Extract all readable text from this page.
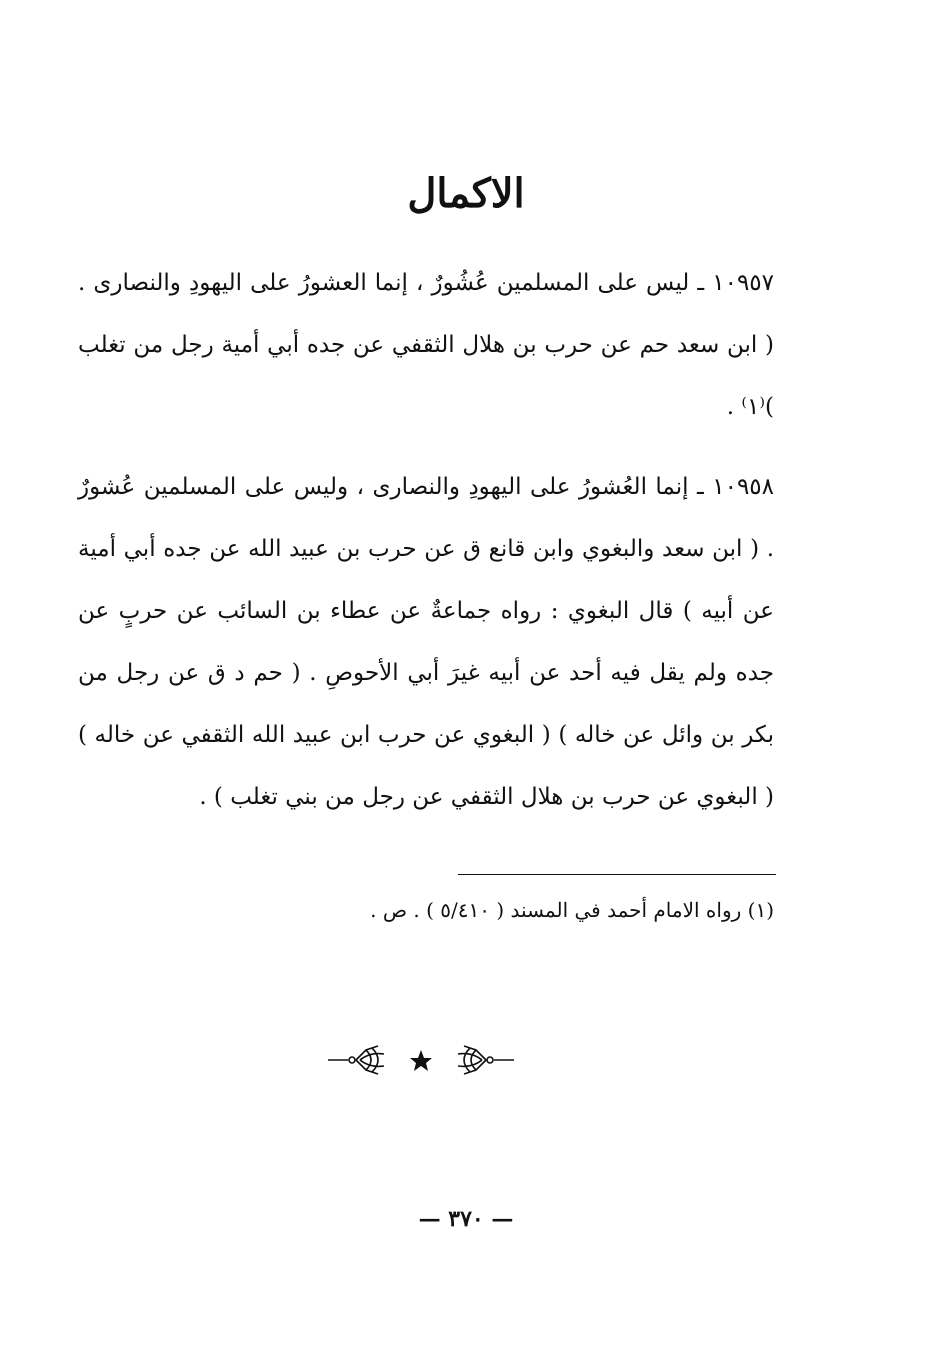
الاكمال
١٠٩٥٧ ـ ليس على المسلمين عُشُورٌ ، إنما العشورُ على اليهودِ والنصارى . ( ابن سعد حم عن حرب بن هلال الثقفي عن جده أبي أمية رجل من تغلب )⁽١⁾ .
١٠٩٥٨ ـ إنما العُشورُ على اليهودِ والنصارى ، وليس على المسلمين عُشورٌ . ( ابن سعد والبغوي وابن قانع ق عن حرب بن عبيد الله عن جده أبي أمية عن أبيه ) قال البغوي : رواه جماعةٌ عن عطاء بن السائب عن حربٍ عن جده ولم يقل فيه أحد عن أبيه غيرَ أبي الأحوصِ . ( حم د ق عن رجل من بكر بن وائل عن خاله ) ( البغوي عن حرب ابن عبيد الله الثقفي عن خاله ) ( البغوي عن حرب بن هلال الثقفي عن رجل من بني تغلب ) .
(١) رواه الامام أحمد في المسند ( ٥/٤١٠ ) . ص .
— ٣٧٠ —
